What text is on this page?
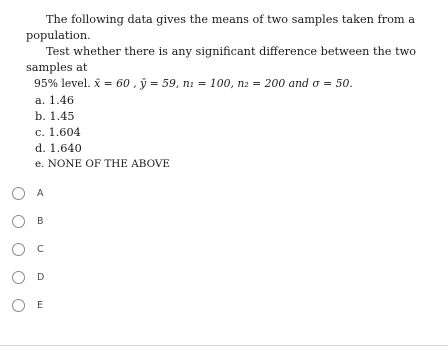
The following data gives the means of two samples taken from a
population.
Test whether there is any significant difference between the two
samples at
95% level. x̄ = 60 , ȳ = 59, n₁ = 100, n₂ = 200 and σ = 50.
a. 1.46
b. 1.45
c. 1.604
d. 1.640
e. NONE OF THE ABOVE
A
B
C
D
E
